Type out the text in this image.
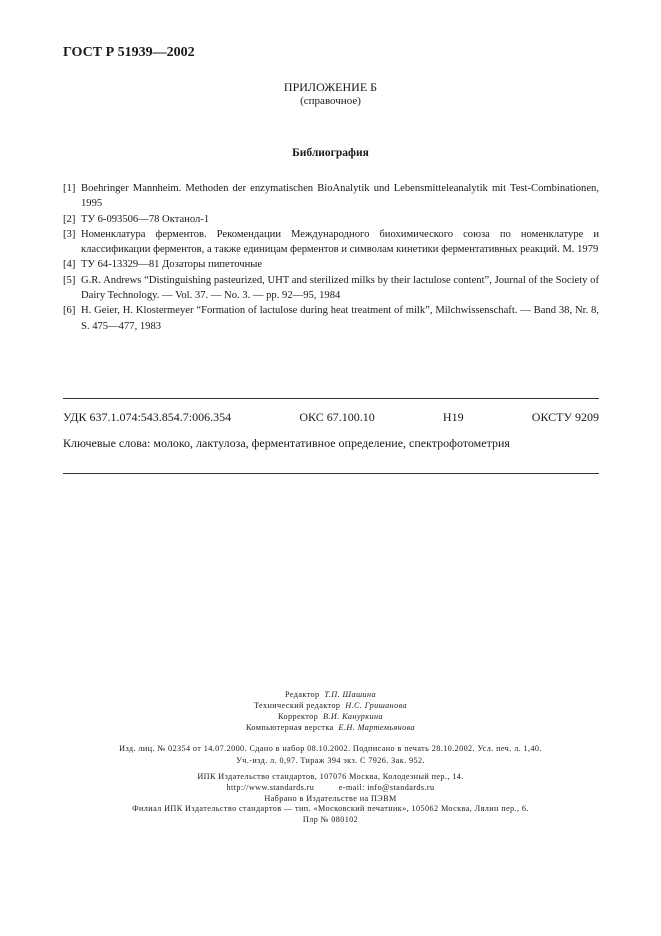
ГОСТ Р 51939—2002
ПРИЛОЖЕНИЕ Б
(справочное)
Библиография
[1] Boehringer Mannheim. Methoden der enzymatischen BioAnalytik und Lebensmitteleanalytik mit Test-Combinationen, 1995
[2] ТУ 6-093506—78 Октанол-1
[3] Номенклатура ферментов. Рекомендации Международного биохимического союза по номенклатуре и классификации ферментов, а также единицам ферментов и символам кинетики ферментативных реакций. М. 1979
[4] ТУ 64-13329—81 Дозаторы пипеточные
[5] G.R. Andrews “Distinguishing pasteurized, UHT and sterilized milks by their lactulose content”, Journal of the Society of Dairy Technology. — Vol. 37. — No. 3. — pp. 92—95, 1984
[6] H. Geier, H. Klostermeyer “Formation of lactulose during heat treatment of milk”, Milchwissenschaft. — Band 38, Nr. 8, S. 475—477, 1983
УДК 637.1.074:543.854.7:006.354	ОКС 67.100.10	Н19	ОКСТУ 9209
Ключевые слова: молоко, лактулоза, ферментативное определение, спектрофотометрия
Редактор Т.П. Шашина
Технический редактор Н.С. Гришанова
Корректор В.И. Кануркина
Компьютерная верстка Е.Н. Мартемьянова
Изд. лиц. № 02354 от 14.07.2000. Сдано в набор 08.10.2002. Подписано в печать 28.10.2002. Усл. печ. л. 1,40.
Уч.-изд. л. 0,97. Тираж 394 экз. С 7926. Зак. 952.
ИПК Издательство стандартов, 107076 Москва, Колодезный пер., 14.
http://www.standards.ru          e-mail: info@standards.ru
Набрано в Издательстве на ПЭВМ
Филиал ИПК Издательство стандартов — тип. «Московский печатник», 105062 Москва, Лялин пер., 6.
Плр № 080102
